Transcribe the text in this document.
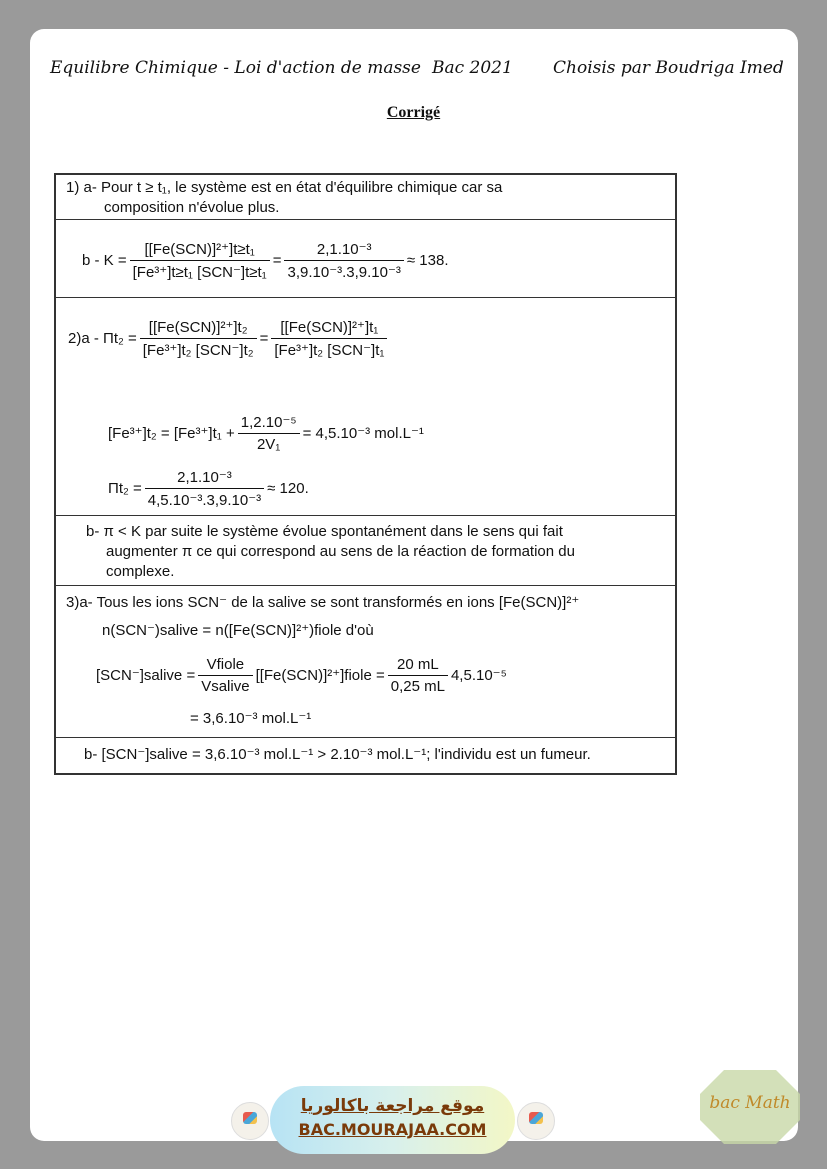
Equilibre Chimique - Loi d'action de masse Bac 2021 Choisis par Boudriga Imed
Corrigé
1) a- Pour t ≥ t₁, le système est en état d'équilibre chimique car sa
composition n'évolue plus.
$b - K = \frac{\text{[[Fe(SCN)]²⁺]t≥t₁}}{\text{[Fe³⁺]t≥t₁ [SCN⁻]t≥t₁}} = \frac{\text{2,1.10⁻³}}{\text{3,9.10⁻³.3,9.10⁻³}} \approx 138$.
$2)a - \Pi t_2 = \frac{\text{[[Fe(SCN)]²⁺]t₂}}{\text{[Fe³⁺]t₂ [SCN⁻]t₂}} = \frac{\text{[[Fe(SCN)]²⁺]t₁}}{\text{[Fe³⁺]t₂ [SCN⁻]t₁}}$
$[Fe^{3+}]t_2 = [Fe^{3+}]t_1 + \frac{\text{1,2.10⁻⁵}}{\text{2V₁}} = 4,5.10^{-3}$ mol.L⁻¹
$\Pi t_2 = \frac{\text{2,1.10⁻³}}{\text{4,5.10⁻³.3,9.10⁻³}} \approx 120$.
b- π < K par suite le système évolue spontanément dans le sens qui fait
augmenter π ce qui correspond au sens de la réaction de formation du
complexe.
3)a- Tous les ions SCN⁻ de la salive se sont transformés en ions [Fe(SCN)]²⁺
n(SCN⁻)salive = n([Fe(SCN)]²⁺)fiole d'où
[SCN⁻]salive = $\frac{\text{Vfiole}}{\text{Vsalive}}$ [[Fe(SCN)]²⁺]fiole = $\frac{20 mL}{0,25 mL} 4,5.10^{-5}$
= 3,6.10⁻³ mol.L⁻¹
b- [SCN⁻]salive = 3,6.10⁻³ mol.L⁻¹ > 2.10⁻³ mol.L⁻¹; l'individu est un fumeur.
موقع مراجعة باكالوريا
BAC.MOURAJAA.COM
bac Math
